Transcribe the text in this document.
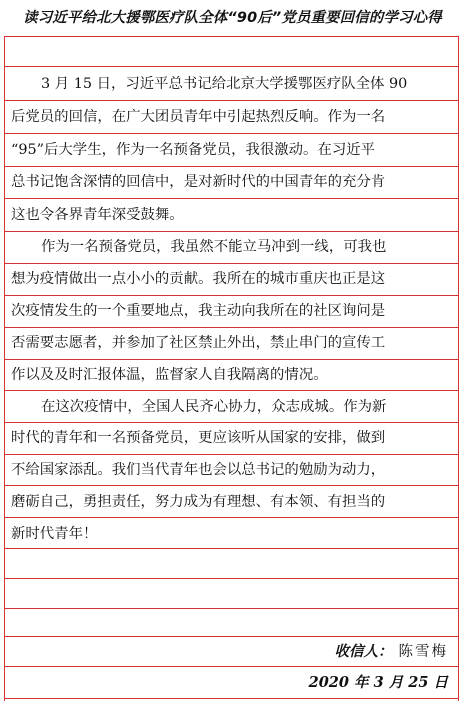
读习近平给北大援鄂医疗队全体“90后”党员重要回信的学习心得
3 月 15 日，习近平总书记给北京大学援鄂医疗队全体 90
后党员的回信，在广大团员青年中引起热烈反响。作为一名
“95”后大学生，作为一名预备党员，我很激动。在习近平
总书记饱含深情的回信中，是对新时代的中国青年的充分肯
这也令各界青年深受鼓舞。
作为一名预备党员，我虽然不能立马冲到一线，可我也
想为疫情做出一点小小的贡献。我所在的城市重庆也正是这
次疫情发生的一个重要地点，我主动向我所在的社区询问是
否需要志愿者，并参加了社区禁止外出，禁止串门的宣传工
作以及及时汇报体温，监督家人自我隔离的情况。
在这次疫情中，全国人民齐心协力，众志成城。作为新
时代的青年和一名预备党员，更应该听从国家的安排，做到
不给国家添乱。我们当代青年也会以总书记的勉励为动力，
磨砺自己，勇担责任，努力成为有理想、有本领、有担当的
新时代青年！
收信人： 陈雪梅
2020 年 3 月 25 日
